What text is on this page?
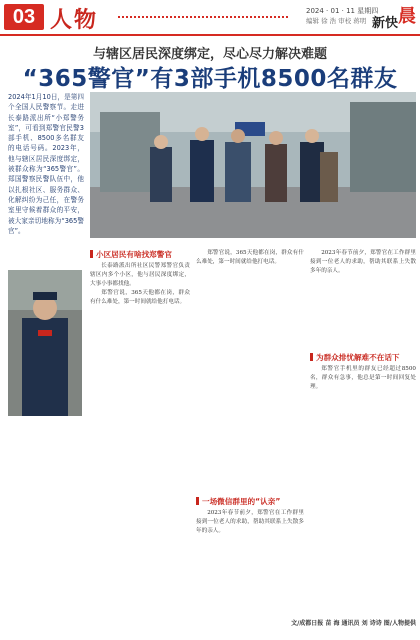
03 人物	2024 · 01 · 11 星期四
编辑 徐 浩 审校 蒋明 新快 晨
与辖区居民深度绑定，尽心尽力解决难题
“365警官”有3部手机8500名群友
2024年1月10日，是第四个全国人民警察节。走进长泰路派出所“小郑警务室”，可看到郑警官民警3部手机、8500多名群友的电话号码。2023年，他与辖区居民深度绑定，被群众称为“365警官”。郑国警察民警队伍中，他以扎根社区、服务群众、化解纠纷为己任，在警务室里守候着群众的平安，被大家亲切地称为“365警官”。
小区居民有啥找郑警官

长泰路派出所社区民警郑警官负责辖区内多个小区，他与居民深度绑定，大事小事都找他。

郑警官说，365天他都在岗，群众有什么难处，第一时间就给他打电话。

郑警官说，365天他都在岗，群众有什么难处，第一时间就给他打电话。

一场微信群里的“认亲”

2023年春节前夕，郑警官在工作群里接到一位老人的求助，帮助其联系上失散多年的亲人。

2023年春节前夕，郑警官在工作群里接到一位老人的求助，帮助其联系上失散多年的亲人。

为群众排忧解难不在话下

郑警官手机里的群友已经超过8500名，群众有急事，他总是第一时间回复处理。

文/成都日报 苗 海 通讯员 刘 诗诗 图/人物提供
